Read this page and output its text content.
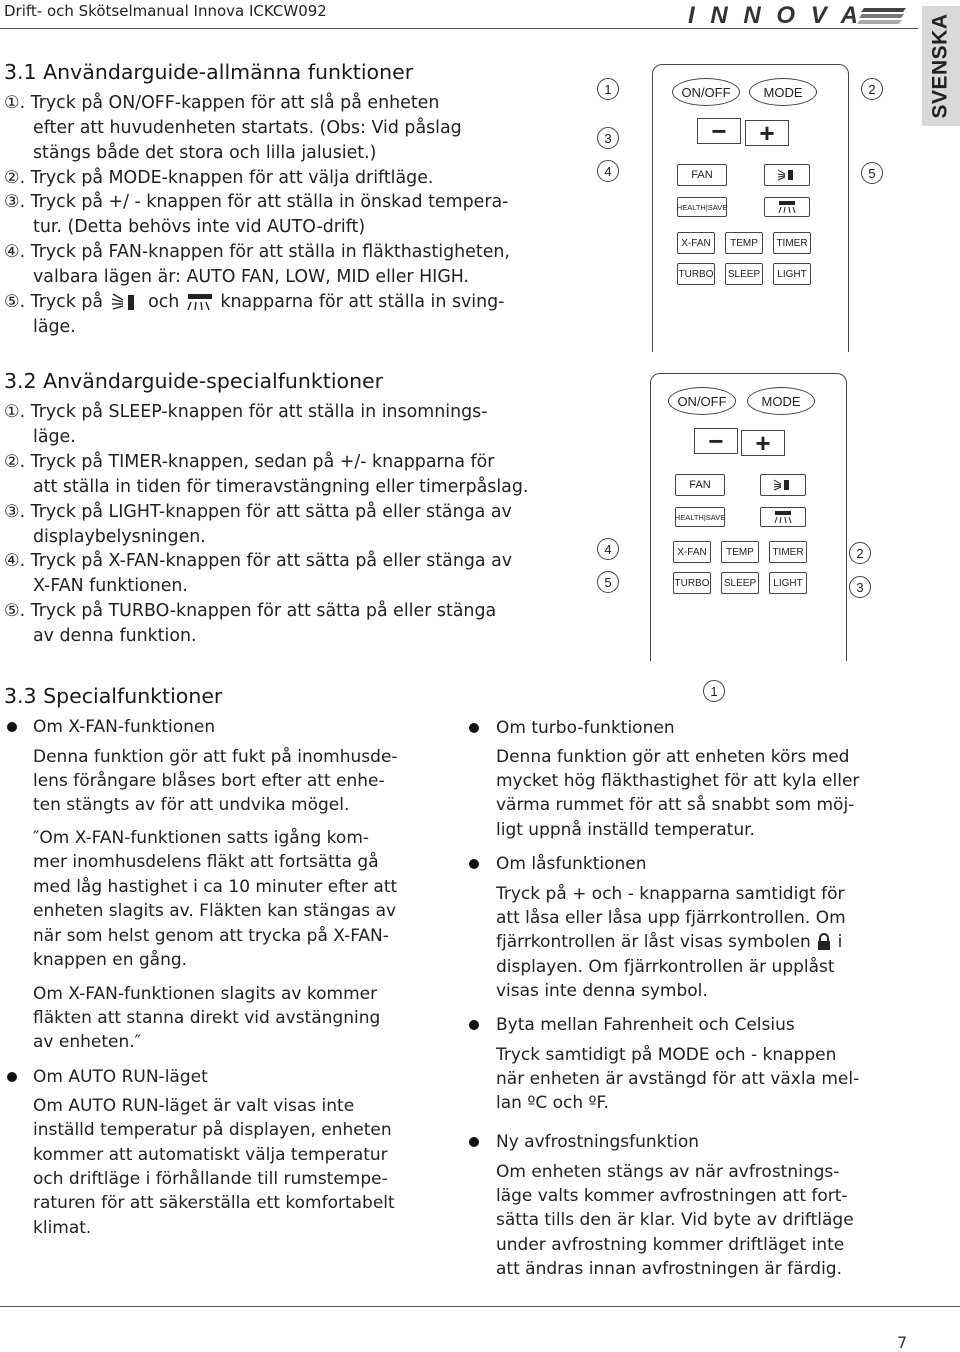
Drift- och Skötselmanual Innova ICKCW092	INNOVA	SVENSKA
3.1 Användarguide-allmänna funktioner
①. Tryck på ON/OFF-kappen för att slå på enheten
efter att huvudenheten startats. (Obs: Vid påslag
stängs både det stora och lilla jalusiet.)
②. Tryck på MODE-knappen för att välja driftläge.
③. Tryck på +/ - knappen för att ställa in önskad tempera-
tur. (Detta behövs inte vid AUTO-drift)
④. Tryck på FAN-knappen för att ställa in fläkthastigheten,
valbara lägen är: AUTO FAN, LOW, MID eller HIGH.
⑤. Tryck på	och knapparna för att ställa in sving-
läge.
ON/OFF	MODE
−	+
FAN
HEALTH|SAVE
X-FAN	TEMP	TIMER
TURBO SLEEP	LIGHT
1
3
4
2
5
3.2 Användarguide-specialfunktioner
①. Tryck på SLEEP-knappen för att ställa in insomnings-
läge.
②. Tryck på TIMER-knappen, sedan på +/- knapparna för
att ställa in tiden för timeravstängning eller timerpåslag.
③. Tryck på LIGHT-knappen för att sätta på eller stänga av
displaybelysningen.
④. Tryck på X-FAN-knappen för att sätta på eller stänga av
X-FAN funktionen.
⑤. Tryck på TURBO-knappen för att sätta på eller stänga
av denna funktion.
ON/OFF	MODE
−	+
FAN
HEALTH|SAVE
X-FAN	TEMP	TIMER
TURBO SLEEP	LIGHT
4
5
2
3
3.3 Specialfunktioner	1
Om X-FAN-funktionen
Denna funktion gör att fukt på inomhusde-
lens förångare blåses bort efter att enhe-
ten stängts av för att undvika mögel.
″Om X-FAN-funktionen satts igång kom-
mer inomhusdelens fläkt att fortsätta gå
med låg hastighet i ca 10 minuter efter att
enheten slagits av. Fläkten kan stängas av
när som helst genom att trycka på X-FAN-
knappen en gång.
Om X-FAN-funktionen slagits av kommer
fläkten att stanna direkt vid avstängning
av enheten.″
Om AUTO RUN-läget
Om AUTO RUN-läget är valt visas inte
inställd temperatur på displayen, enheten
kommer att automatiskt välja temperatur
och driftläge i förhållande till rumstempe-
raturen för att säkerställa ett komfortabelt
klimat.
Om turbo-funktionen
Denna funktion gör att enheten körs med
mycket hög fläkthastighet för att kyla eller
värma rummet för att så snabbt som möj-
ligt uppnå inställd temperatur.
Om låsfunktionen
Tryck på + och - knapparna samtidigt för
att låsa eller låsa upp fjärrkontrollen. Om
fjärrkontrollen är låst visas symbolen i
displayen. Om fjärrkontrollen är upplåst
visas inte denna symbol.
Byta mellan Fahrenheit och Celsius
Tryck samtidigt på MODE och - knappen
när enheten är avstängd för att växla mel-
lan ºC och ºF.
Ny avfrostningsfunktion
Om enheten stängs av när avfrostnings-
läge valts kommer avfrostningen att fort-
sätta tills den är klar. Vid byte av driftläge
under avfrostning kommer driftläget inte
att ändras innan avfrostningen är färdig.
7
